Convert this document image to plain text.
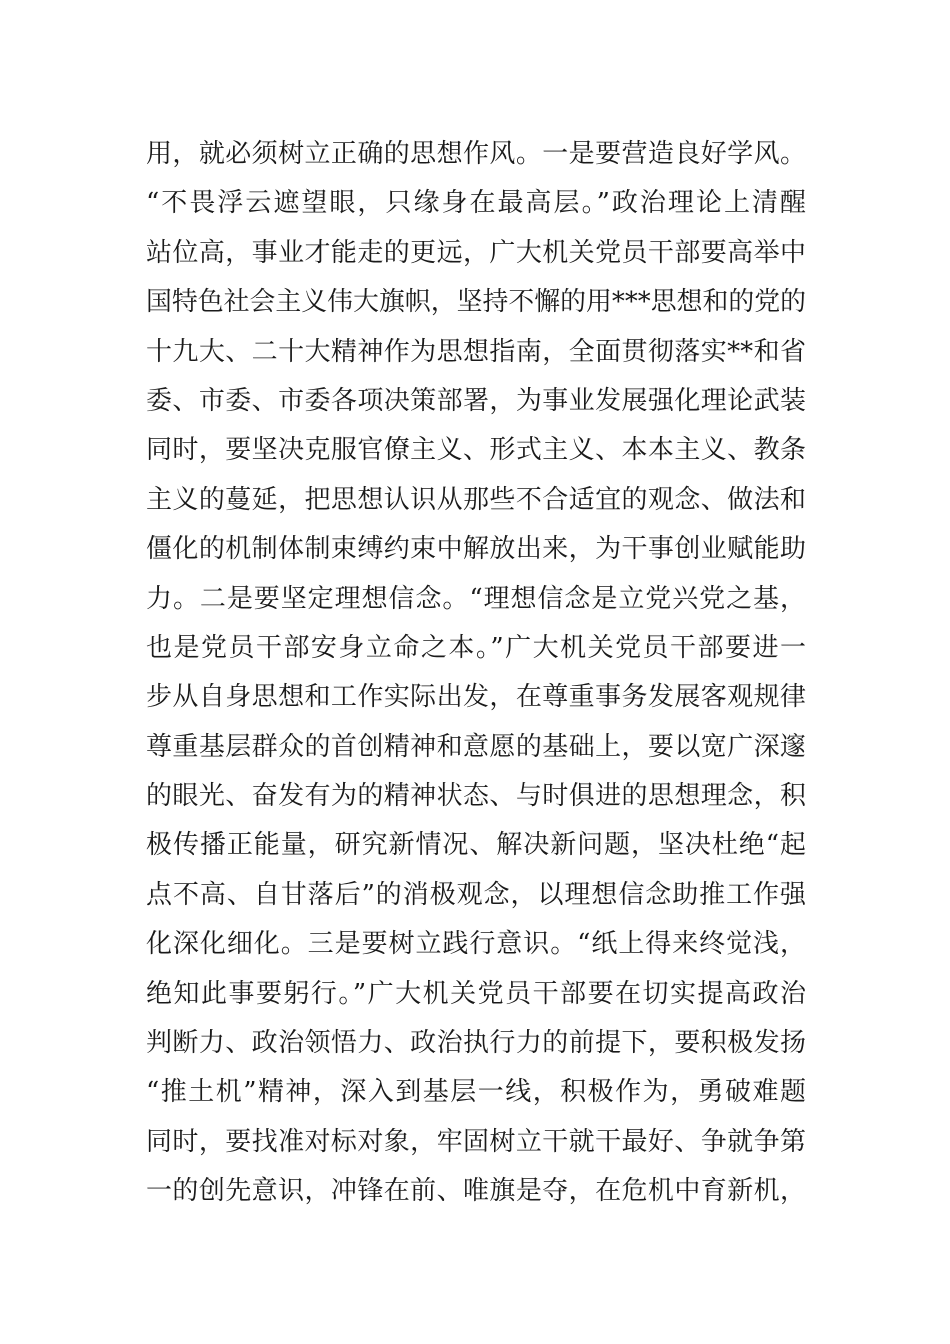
用，就必须树立正确的思想作风。一是要营造良好学风。
“不畏浮云遮望眼，只缘身在最高层。”政治理论上清醒
站位高，事业才能走的更远，广大机关党员干部要高举中
国特色社会主义伟大旗帜，坚持不懈的用***思想和的党的
十九大、二十大精神作为思想指南，全面贯彻落实**和省
委、市委、市委各项决策部署，为事业发展强化理论武装
同时，要坚决克服官僚主义、形式主义、本本主义、教条
主义的蔓延，把思想认识从那些不合适宜的观念、做法和
僵化的机制体制束缚约束中解放出来，为干事创业赋能助
力。二是要坚定理想信念。“理想信念是立党兴党之基，
也是党员干部安身立命之本。”广大机关党员干部要进一
步从自身思想和工作实际出发，在尊重事务发展客观规律
尊重基层群众的首创精神和意愿的基础上，要以宽广深邃
的眼光、奋发有为的精神状态、与时俱进的思想理念，积
极传播正能量，研究新情况、解决新问题，坚决杜绝“起
点不高、自甘落后”的消极观念，以理想信念助推工作强
化深化细化。三是要树立践行意识。“纸上得来终觉浅，
绝知此事要躬行。”广大机关党员干部要在切实提高政治
判断力、政治领悟力、政治执行力的前提下，要积极发扬
“推土机”精神，深入到基层一线，积极作为，勇破难题
同时，要找准对标对象，牢固树立干就干最好、争就争第
一的创先意识，冲锋在前、唯旗是夺，在危机中育新机，
